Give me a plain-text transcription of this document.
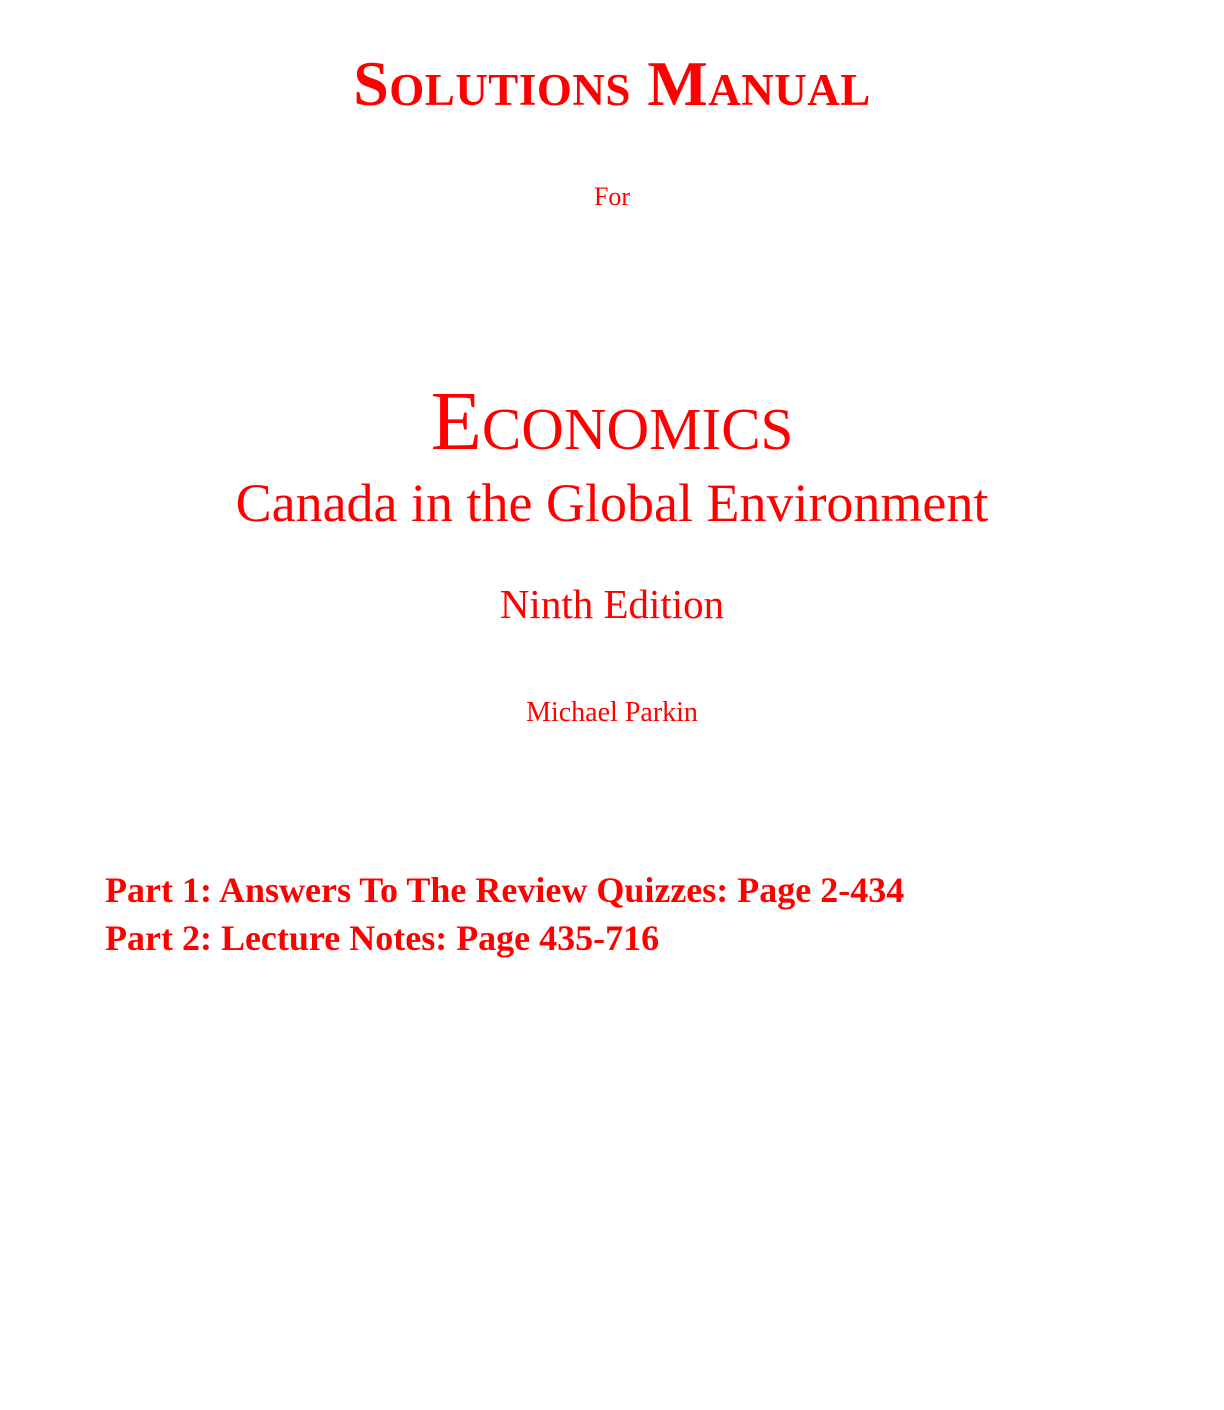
Solutions Manual
For
Economics
Canada in the Global Environment
Ninth Edition
Michael Parkin
Part 1: Answers To The Review Quizzes: Page 2-434
Part 2: Lecture Notes: Page 435-716
